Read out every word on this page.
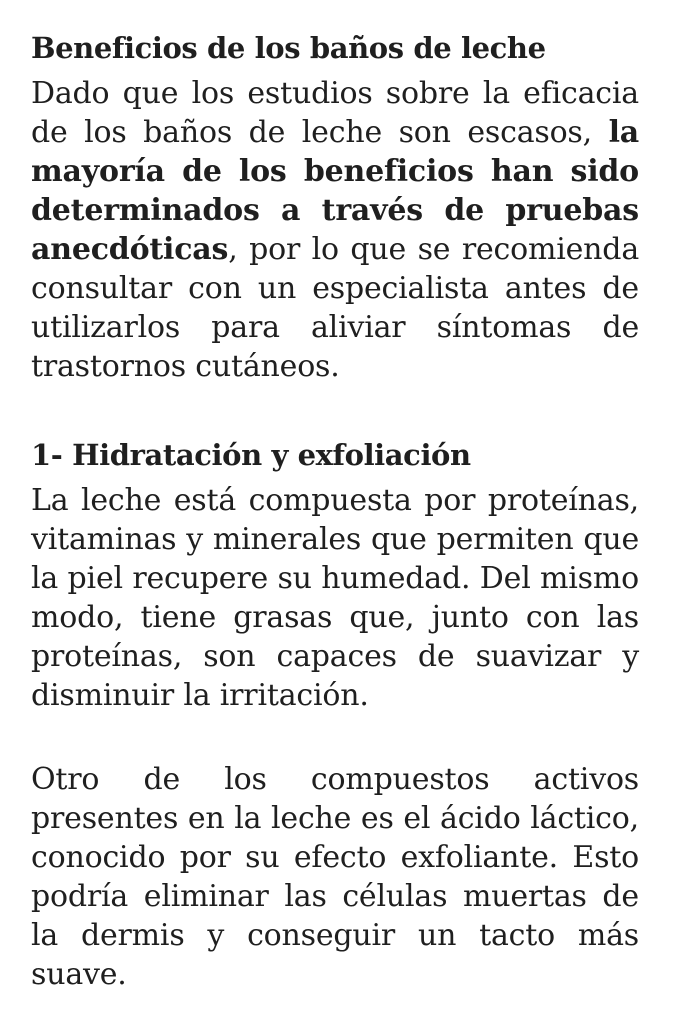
Beneficios de los baños de leche

Dado que los estudios sobre la eficacia de los baños de leche son escasos, la mayoría de los beneficios han sido determinados a través de pruebas anecdóticas, por lo que se recomienda consultar con un especialista antes de utilizarlos para aliviar síntomas de trastornos cutáneos.

1- Hidratación y exfoliación

La leche está compuesta por proteínas, vitaminas y minerales que permiten que la piel recupere su humedad. Del mismo modo, tiene grasas que, junto con las proteínas, son capaces de suavizar y disminuir la irritación.

Otro de los compuestos activos presentes en la leche es el ácido láctico, conocido por su efecto exfoliante. Esto podría eliminar las células muertas de la dermis y conseguir un tacto más suave.
